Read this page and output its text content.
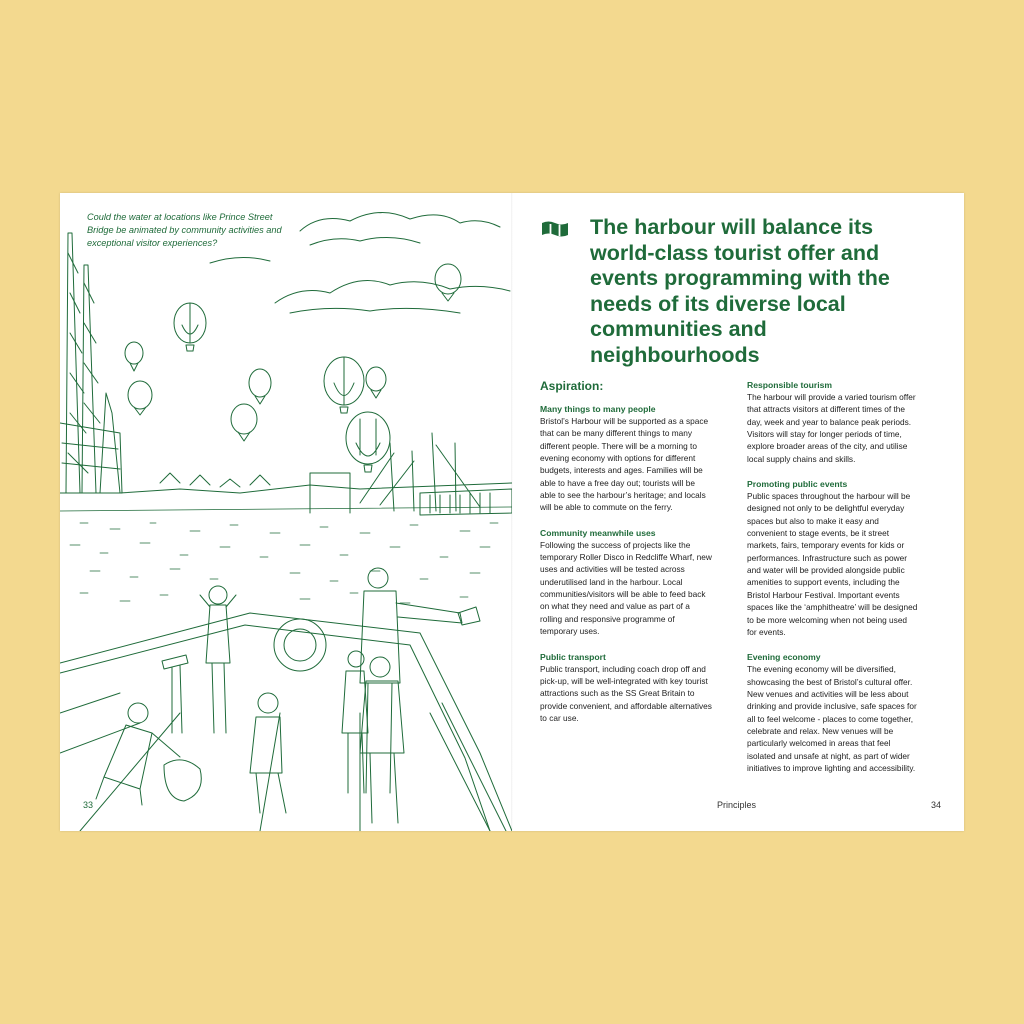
Could the water at locations like Prince Street Bridge be animated by community activities and exceptional visitor experiences?
33
The harbour will balance its world-class tourist offer and events programming with the needs of its diverse local communities and neighbourhoods

Aspiration:

Many things to many people

Bristol’s Harbour will be supported as a space that can be many different things to many different people. There will be a morning to evening economy with options for different budgets, interests and ages. Families will be able to have a free day out; tourists will be able to see the harbour’s heritage; and locals will be able to commute on the ferry.

Community meanwhile uses

Following the success of projects like the temporary Roller Disco in Redcliffe Wharf, new uses and activities will be tested across underutilised land in the harbour. Local communities/visitors will be able to feed back on what they need and value as part of a rolling and responsive programme of temporary uses.

Public transport

Public transport, including coach drop off and pick-up, will be well-integrated with key tourist attractions such as the SS Great Britain to provide convenient, and affordable alternatives to car use.

Responsible tourism

The harbour will provide a varied tourism offer that attracts visitors at different times of the day, week and year to balance peak periods. Visitors will stay for longer periods of time, explore broader areas of the city, and utilise local supply chains and skills.

Promoting public events

Public spaces throughout the harbour will be designed not only to be delightful everyday spaces but also to make it easy and convenient to stage events, be it street markets, fairs, temporary events for kids or performances. Infrastructure such as power and water will be provided alongside public amenities to support events, including the Bristol Harbour Festival. Important events spaces like the ‘amphitheatre’ will be designed to be more welcoming when not being used for events.

Evening economy

The evening economy will be diversified, showcasing the best of Bristol’s cultural offer. New venues and activities will be less about drinking and provide inclusive, safe spaces for all to feel welcome - places to come together, celebrate and relax. New venues will be particularly welcomed in areas that feel isolated and unsafe at night, as part of wider initiatives to improve lighting and accessibility.

Principles	34
